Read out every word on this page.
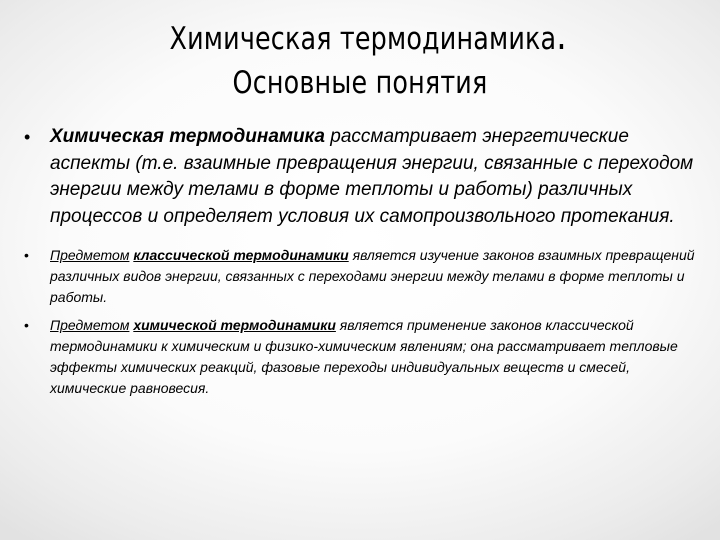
Химическая термодинамика.
Основные понятия
• Химическая термодинамика рассматривает энергетические аспекты (т.е. взаимные превращения энергии, связанные с переходом энергии между телами в форме теплоты и работы) различных процессов и определяет условия их самопроизвольного протекания.
• Предметом классической термодинамики является изучение законов взаимных превращений различных видов энергии, связанных с переходами энергии между телами в форме теплоты и работы.
• Предметом химической термодинамики является применение законов классической термодинамики к химическим и физико-химическим явлениям; она рассматривает тепловые эффекты химических реакций, фазовые переходы индивидуальных веществ и смесей, химические равновесия.
